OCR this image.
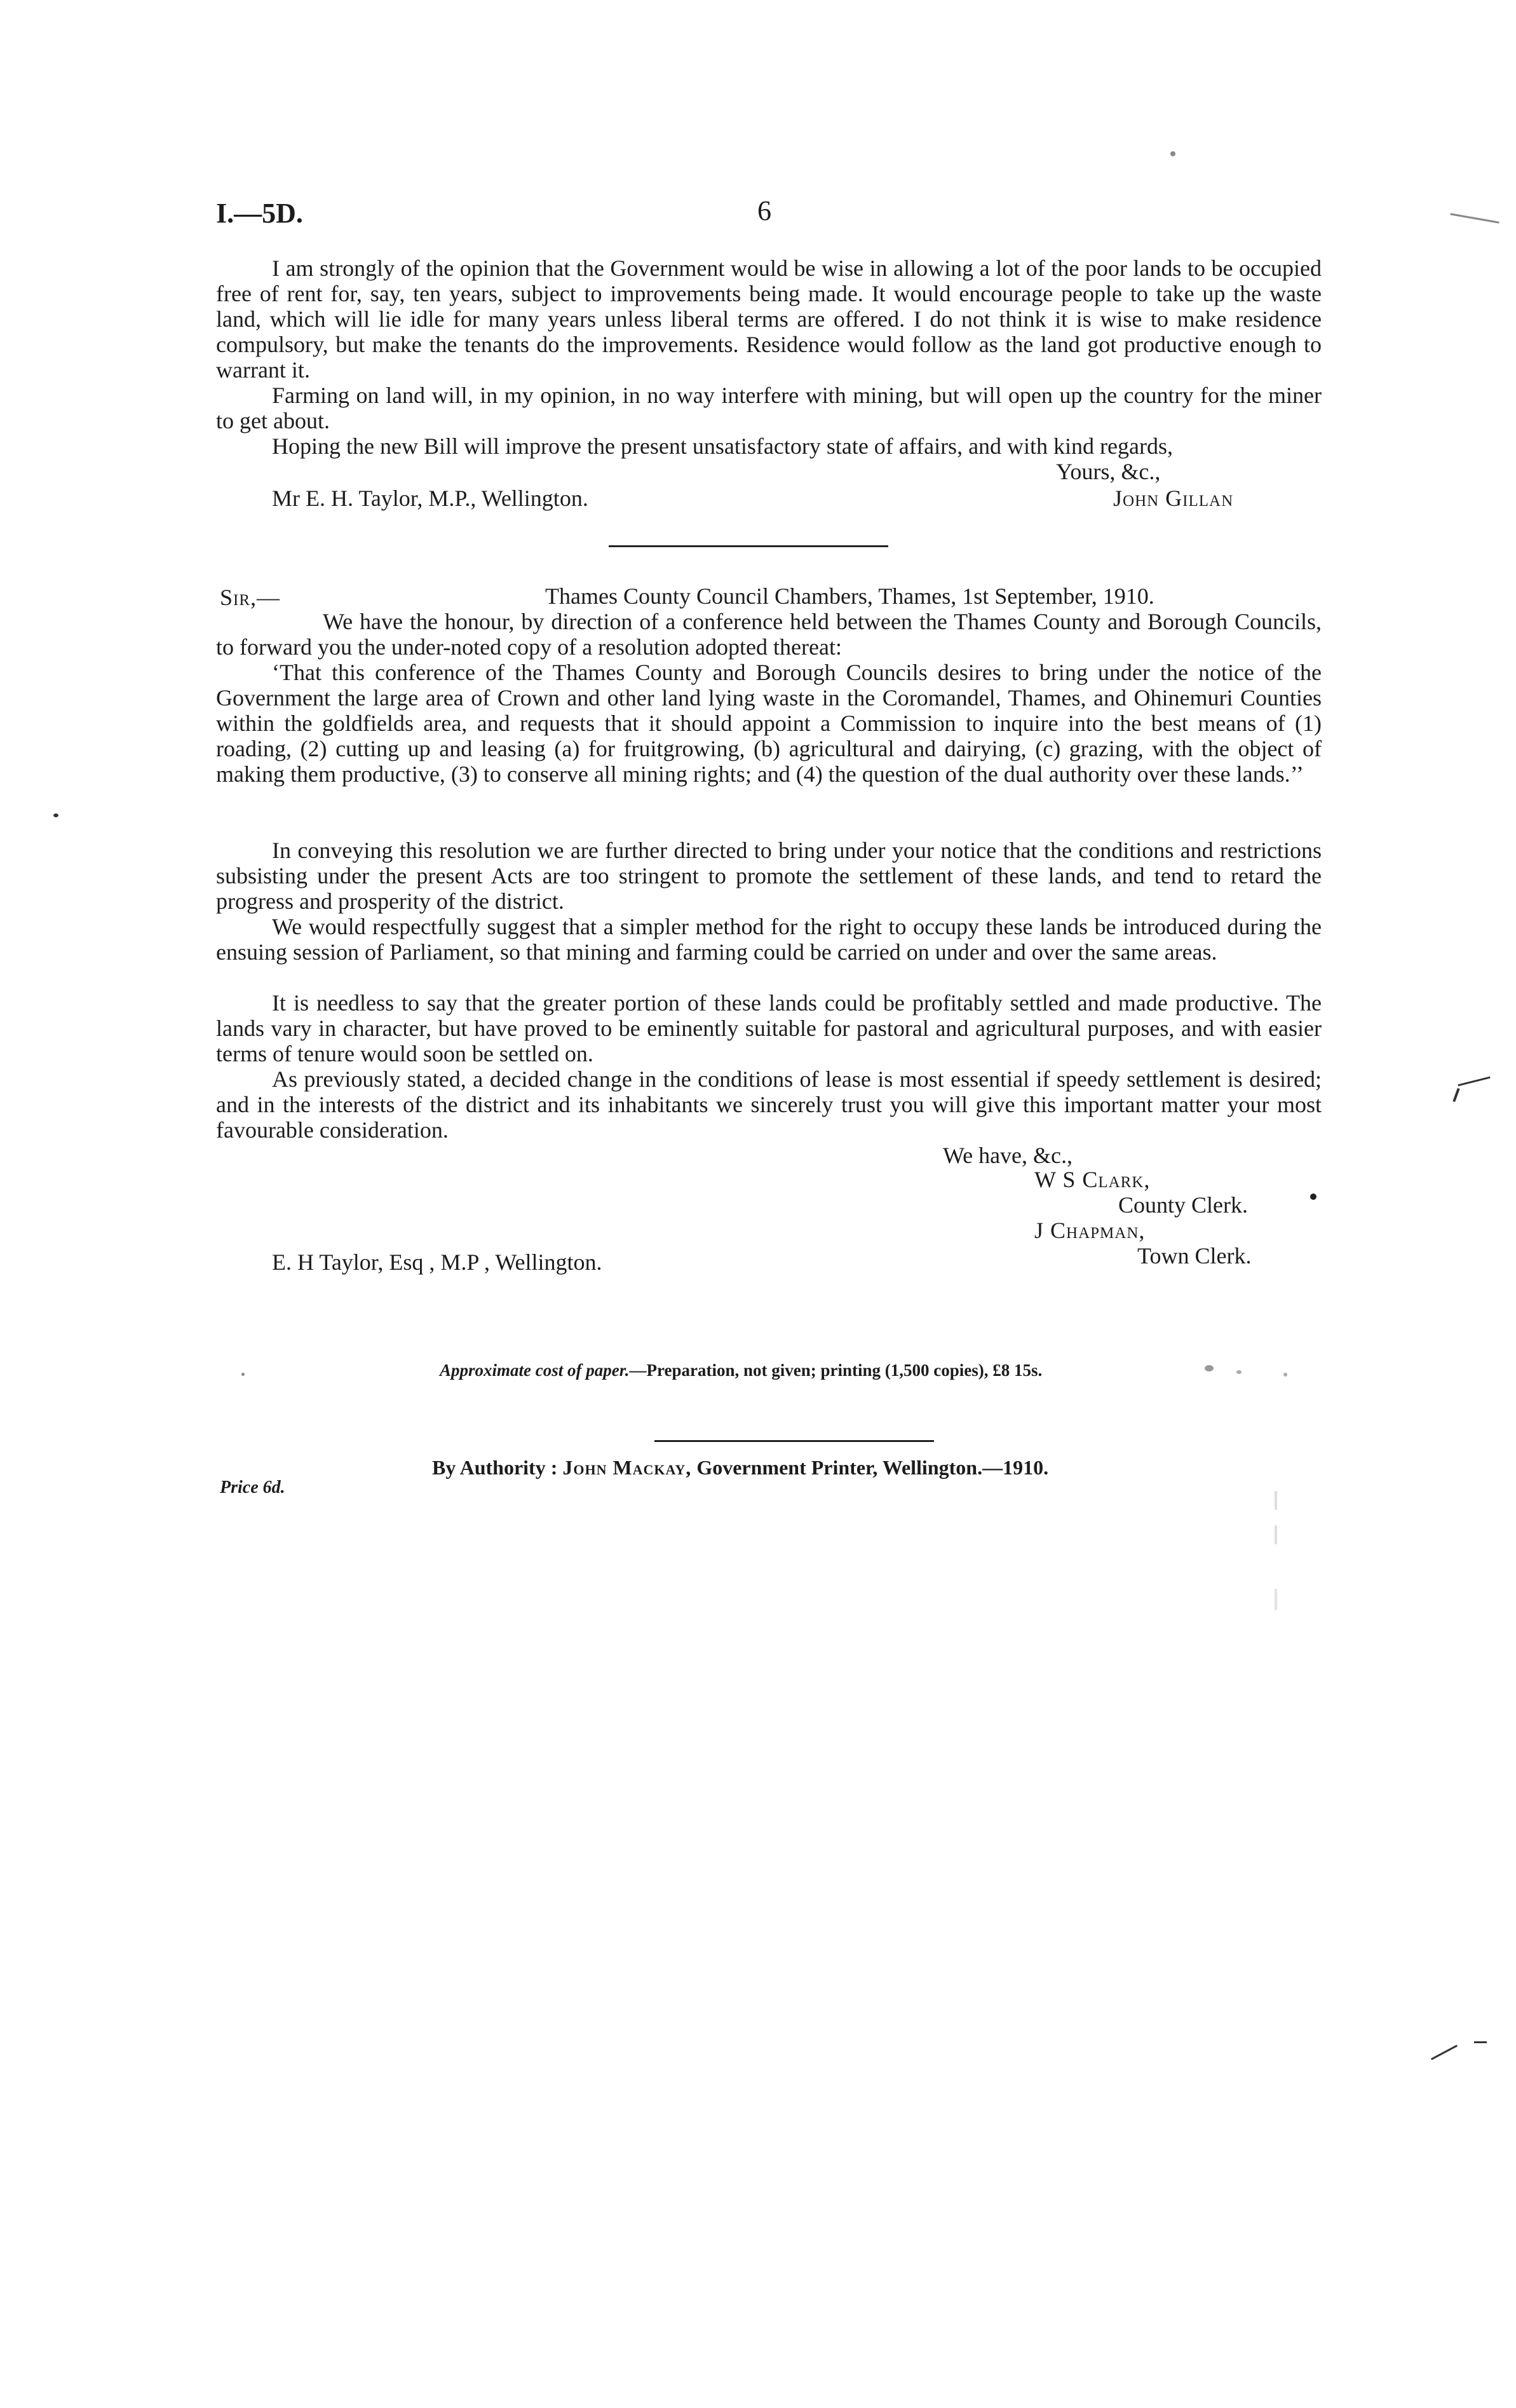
I.—5D.	6
I am strongly of the opinion that the Government would be wise in allowing a lot of the poor lands to be occupied free of rent for, say, ten years, subject to improvements being made. It would encourage people to take up the waste land, which will lie idle for many years unless liberal terms are offered. I do not think it is wise to make residence compulsory, but make the tenants do the improvements. Residence would follow as the land got productive enough to warrant it.
Farming on land will, in my opinion, in no way interfere with mining, but will open up the country for the miner to get about.
Hoping the new Bill will improve the present unsatisfactory state of affairs, and with kind regards,
Yours, &c.,
Mr E. H. Taylor, M.P., Wellington.	John Gillan
Sir,—	Thames County Council Chambers, Thames, 1st September, 1910.
We have the honour, by direction of a conference held between the Thames County and Borough Councils, to forward you the under-noted copy of a resolution adopted thereat:
‘That this conference of the Thames County and Borough Councils desires to bring under the notice of the Government the large area of Crown and other land lying waste in the Coromandel, Thames, and Ohinemuri Counties within the goldfields area, and requests that it should appoint a Commission to inquire into the best means of (1) roading, (2) cutting up and leasing (a) for fruitgrowing, (b) agricultural and dairying, (c) grazing, with the object of making them productive, (3) to conserve all mining rights; and (4) the question of the dual authority over these lands.’’
In conveying this resolution we are further directed to bring under your notice that the conditions and restrictions subsisting under the present Acts are too stringent to promote the settlement of these lands, and tend to retard the progress and prosperity of the district.
We would respectfully suggest that a simpler method for the right to occupy these lands be introduced during the ensuing session of Parliament, so that mining and farming could be carried on under and over the same areas.
It is needless to say that the greater portion of these lands could be profitably settled and made productive. The lands vary in character, but have proved to be eminently suitable for pastoral and agricultural purposes, and with easier terms of tenure would soon be settled on.
As previously stated, a decided change in the conditions of lease is most essential if speedy settlement is desired; and in the interests of the district and its inhabitants we sincerely trust you will give this important matter your most favourable consideration.
We have, &c.,
W S Clark,
County Clerk.
J Chapman,
Town Clerk.
E. H Taylor, Esq , M.P , Wellington.
Approximate cost of paper.—Preparation, not given; printing (1,500 copies), £8 15s.
By Authority : John Mackay, Government Printer, Wellington.—1910.
Price 6d.
